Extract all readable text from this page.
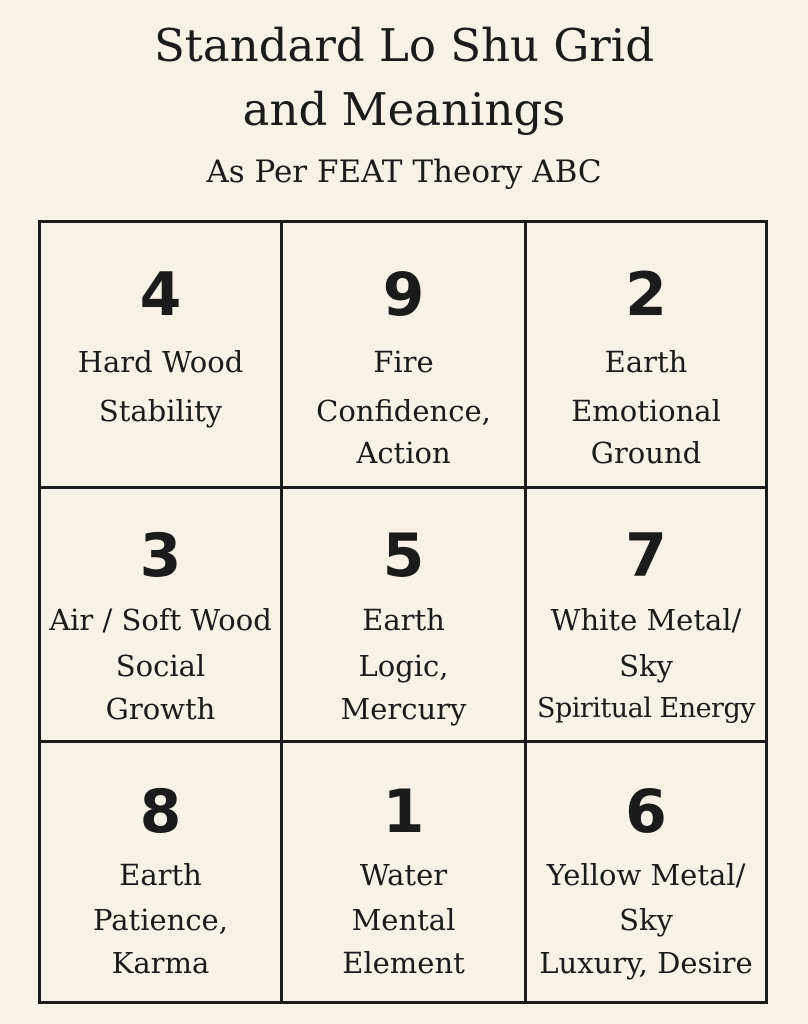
Standard Lo Shu Grid
and Meanings
As Per FEAT Theory ABC
4
Hard Wood
Stability
9
Fire
Confidence,
Action
2
Earth
Emotional
Ground
3
Air / Soft Wood
Social
Growth
5
Earth
Logic,
Mercury
7
White Metal/
Sky
Spiritual Energy
8
Earth
Patience,
Karma
1
Water
Mental
Element
6
Yellow Metal/
Sky
Luxury, Desire
